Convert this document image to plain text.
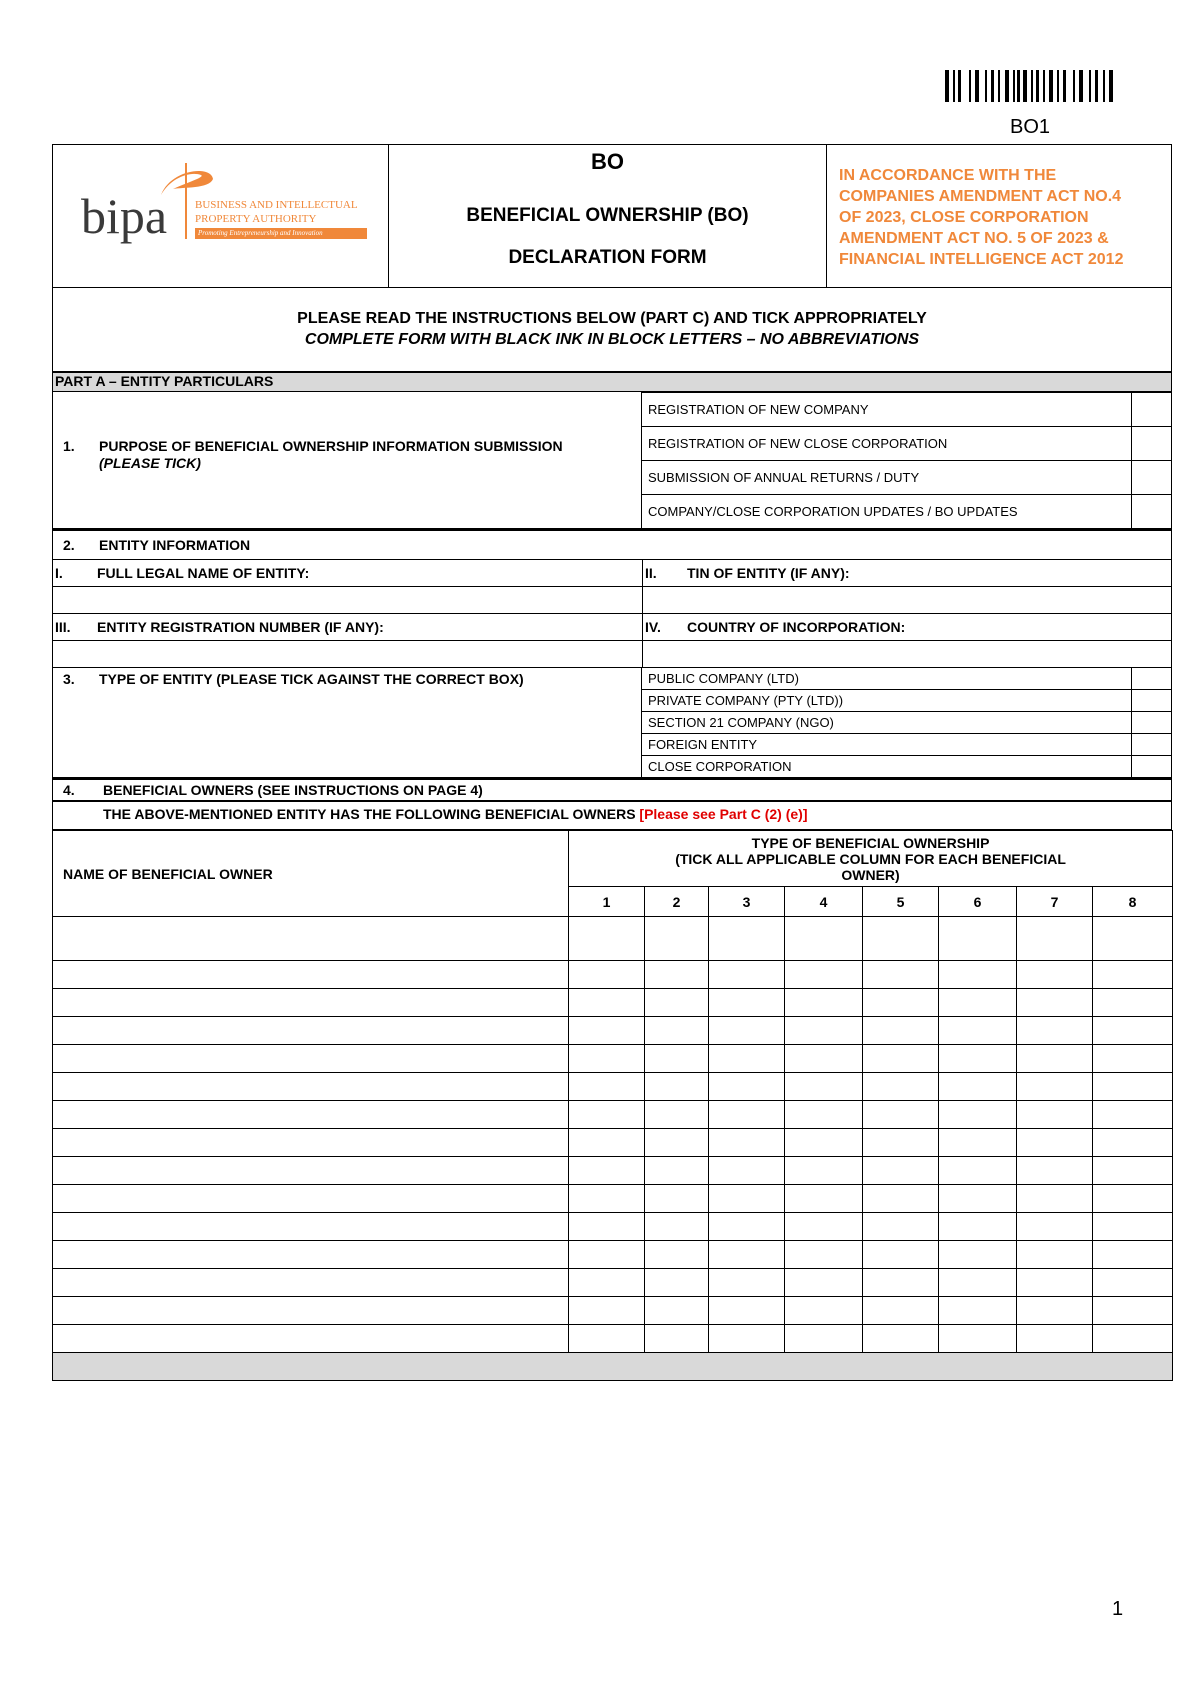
BO1
bipa	BUSINESS AND INTELLECTUAL
PROPERTY AUTHORITY
Promoting Entrepreneurship and Innovation

BO
BENEFICIAL OWNERSHIP (BO)
DECLARATION FORM

IN ACCORDANCE WITH THE
COMPANIES AMENDMENT ACT NO.4
OF 2023, CLOSE CORPORATION
AMENDMENT ACT NO. 5 OF 2023 &
FINANCIAL INTELLIGENCE ACT 2012
PLEASE READ THE INSTRUCTIONS BELOW (PART C) AND TICK APPROPRIATELY
COMPLETE FORM WITH BLACK INK IN BLOCK LETTERS – NO ABBREVIATIONS
PART A – ENTITY PARTICULARS
1. PURPOSE OF BENEFICIAL OWNERSHIP INFORMATION SUBMISSION
(PLEASE TICK)
REGISTRATION OF NEW COMPANY	
REGISTRATION OF NEW CLOSE CORPORATION	
SUBMISSION OF ANNUAL RETURNS / DUTY	
COMPANY/CLOSE CORPORATION UPDATES / BO UPDATES	
2. ENTITY INFORMATION
I. FULL LEGAL NAME OF ENTITY:	II. TIN OF ENTITY (IF ANY):

III. ENTITY REGISTRATION NUMBER (IF ANY):	IV. COUNTRY OF INCORPORATION:

3. TYPE OF ENTITY (PLEASE TICK AGAINST THE CORRECT BOX)	PUBLIC COMPANY (LTD)	
PRIVATE COMPANY (PTY (LTD))	
SECTION 21 COMPANY (NGO)	
FOREIGN ENTITY	
CLOSE CORPORATION	
4. BENEFICIAL OWNERS (SEE INSTRUCTIONS ON PAGE 4)
THE ABOVE-MENTIONED ENTITY HAS THE FOLLOWING BENEFICIAL OWNERS [Please see Part C (2) (e)]
NAME OF BENEFICIAL OWNER	TYPE OF BENEFICIAL OWNERSHIP
(TICK ALL APPLICABLE COLUMN FOR EACH BENEFICIAL
OWNER)							

	1	2	3	4	5	6	7	8

1
